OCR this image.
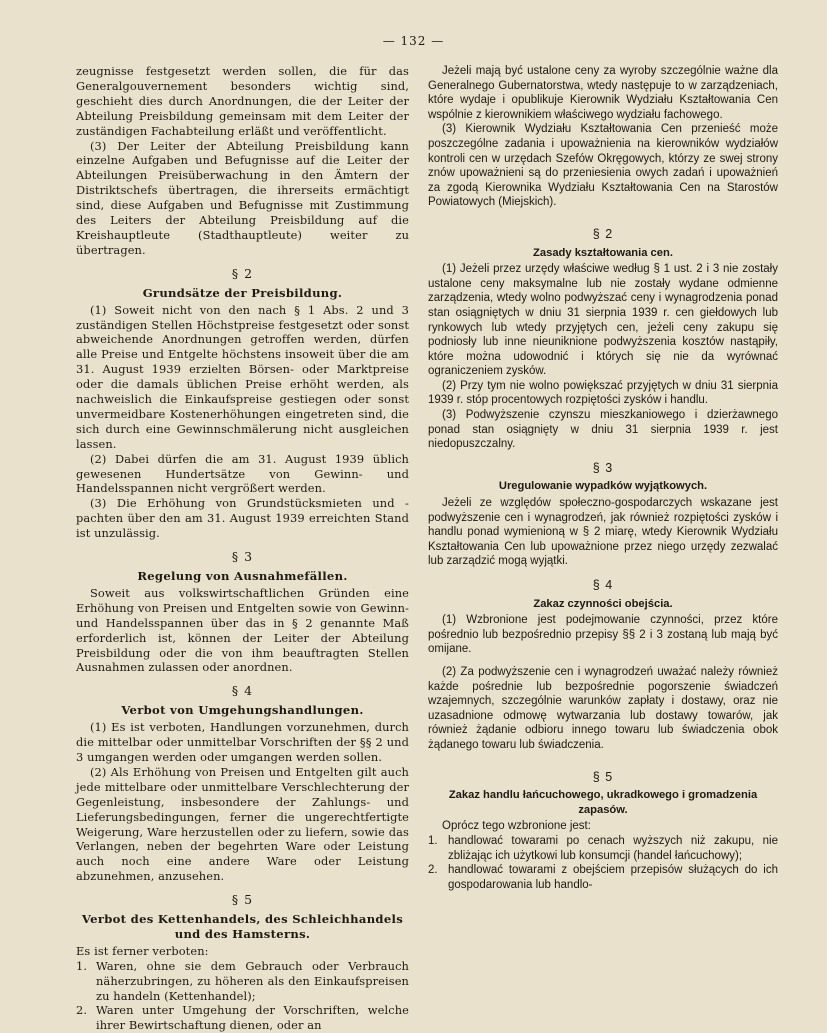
— 132 —

zeugnisse festgesetzt werden sollen, die für das Generalgouvernement besonders wichtig sind, geschieht dies durch Anordnungen, die der Leiter der Abteilung Preisbildung gemeinsam mit dem Leiter der zuständigen Fachabteilung erläßt und veröffentlicht.

(3) Der Leiter der Abteilung Preisbildung kann einzelne Aufgaben und Befugnisse auf die Leiter der Abteilungen Preisüberwachung in den Ämtern der Distriktschefs übertragen, die ihrerseits ermächtigt sind, diese Aufgaben und Befugnisse mit Zustimmung des Leiters der Abteilung Preisbildung auf die Kreishauptleute (Stadthauptleute) weiter zu übertragen.

§ 2
Grundsätze der Preisbildung.

(1) Soweit nicht von den nach § 1 Abs. 2 und 3 zuständigen Stellen Höchstpreise festgesetzt oder sonst abweichende Anordnungen getroffen werden, dürfen alle Preise und Entgelte höchstens insoweit über die am 31. August 1939 erzielten Börsen- oder Marktpreise oder die damals üblichen Preise erhöht werden, als nachweislich die Einkaufspreise gestiegen oder sonst unvermeidbare Kostenerhöhungen eingetreten sind, die sich durch eine Gewinnschmälerung nicht ausgleichen lassen.

(2) Dabei dürfen die am 31. August 1939 üblich gewesenen Hundertsätze von Gewinn- und Handelsspannen nicht vergrößert werden.

(3) Die Erhöhung von Grundstücksmieten und -pachten über den am 31. August 1939 erreichten Stand ist unzulässig.

§ 3
Regelung von Ausnahmefällen.

Soweit aus volkswirtschaftlichen Gründen eine Erhöhung von Preisen und Entgelten sowie von Gewinn- und Handelsspannen über das in § 2 genannte Maß erforderlich ist, können der Leiter der Abteilung Preisbildung oder die von ihm beauftragten Stellen Ausnahmen zulassen oder anordnen.

§ 4
Verbot von Umgehungshandlungen.

(1) Es ist verboten, Handlungen vorzunehmen, durch die mittelbar oder unmittelbar Vorschriften der §§ 2 und 3 umgangen werden oder umgangen werden sollen.

(2) Als Erhöhung von Preisen und Entgelten gilt auch jede mittelbare oder unmittelbare Verschlechterung der Gegenleistung, insbesondere der Zahlungs- und Lieferungsbedingungen, ferner die ungerechtfertigte Weigerung, Ware herzustellen oder zu liefern, sowie das Verlangen, neben der begehrten Ware oder Leistung auch noch eine andere Ware oder Leistung abzunehmen, anzusehen.

§ 5
Verbot des Kettenhandels, des Schleichhandels und des Hamsterns.

Es ist ferner verboten:

1. Waren, ohne sie dem Gebrauch oder Verbrauch näherzubringen, zu höheren als den Einkaufspreisen zu handeln (Kettenhandel);
2. Waren unter Umgehung der Vorschriften, welche ihrer Bewirtschaftung dienen, oder an

Jeżeli mają być ustalone ceny za wyroby szczególnie ważne dla Generalnego Gubernatorstwa, wtedy następuje to w zarządzeniach, które wydaje i opublikuje Kierownik Wydziału Kształtowania Cen wspólnie z kierownikiem właściwego wydziału fachowego.

(3) Kierownik Wydziału Kształtowania Cen przenieść może poszczególne zadania i upoważnienia na kierowników wydziałów kontroli cen w urzędach Szefów Okręgowych, którzy ze swej strony znów upoważnieni są do przeniesienia owych zadań i upoważnień za zgodą Kierownika Wydziału Kształtowania Cen na Starostów Powiatowych (Miejskich).

§ 2
Zasady kształtowania cen.

(1) Jeżeli przez urzędy właściwe według § 1 ust. 2 i 3 nie zostały ustalone ceny maksymalne lub nie zostały wydane odmienne zarządzenia, wtedy wolno podwyższać ceny i wynagrodzenia ponad stan osiągniętych w dniu 31 sierpnia 1939 r. cen giełdowych lub rynkowych lub wtedy przyjętych cen, jeżeli ceny zakupu się podniosły lub inne nieuniknione podwyższenia kosztów nastąpiły, które można udowodnić i których się nie da wyrównać ograniczeniem zysków.

(2) Przy tym nie wolno powiększać przyjętych w dniu 31 sierpnia 1939 r. stóp procentowych rozpiętości zysków i handlu.

(3) Podwyższenie czynszu mieszkaniowego i dzierżawnego ponad stan osiągnięty w dniu 31 sierpnia 1939 r. jest niedopuszczalny.

§ 3
Uregulowanie wypadków wyjątkowych.

Jeżeli ze względów społeczno-gospodarczych wskazane jest podwyższenie cen i wynagrodzeń, jak również rozpiętości zysków i handlu ponad wymienioną w § 2 miarę, wtedy Kierownik Wydziału Kształtowania Cen lub upoważnione przez niego urzędy zezwalać lub zarządzić mogą wyjątki.

§ 4
Zakaz czynności obejścia.

(1) Wzbronione jest podejmowanie czynności, przez które pośrednio lub bezpośrednio przepisy §§ 2 i 3 zostaną lub mają być omijane.

(2) Za podwyższenie cen i wynagrodzeń uważać należy również każde pośrednie lub bezpośrednie pogorszenie świadczeń wzajemnych, szczególnie warunków zapłaty i dostawy, oraz nie uzasadnione odmowę wytwarzania lub dostawy towarów, jak również żądanie odbioru innego towaru lub świadczenia obok żądanego towaru lub świadczenia.

§ 5
Zakaz handlu łańcuchowego, ukradkowego i gromadzenia zapasów.

Oprócz tego wzbronione jest:

1. handlować towarami po cenach wyższych niż zakupu, nie zbliżając ich użytkowi lub konsumcji (handel łańcuchowy);
2. handlować towarami z obejściem przepisów służących do ich gospodarowania lub handlo-
